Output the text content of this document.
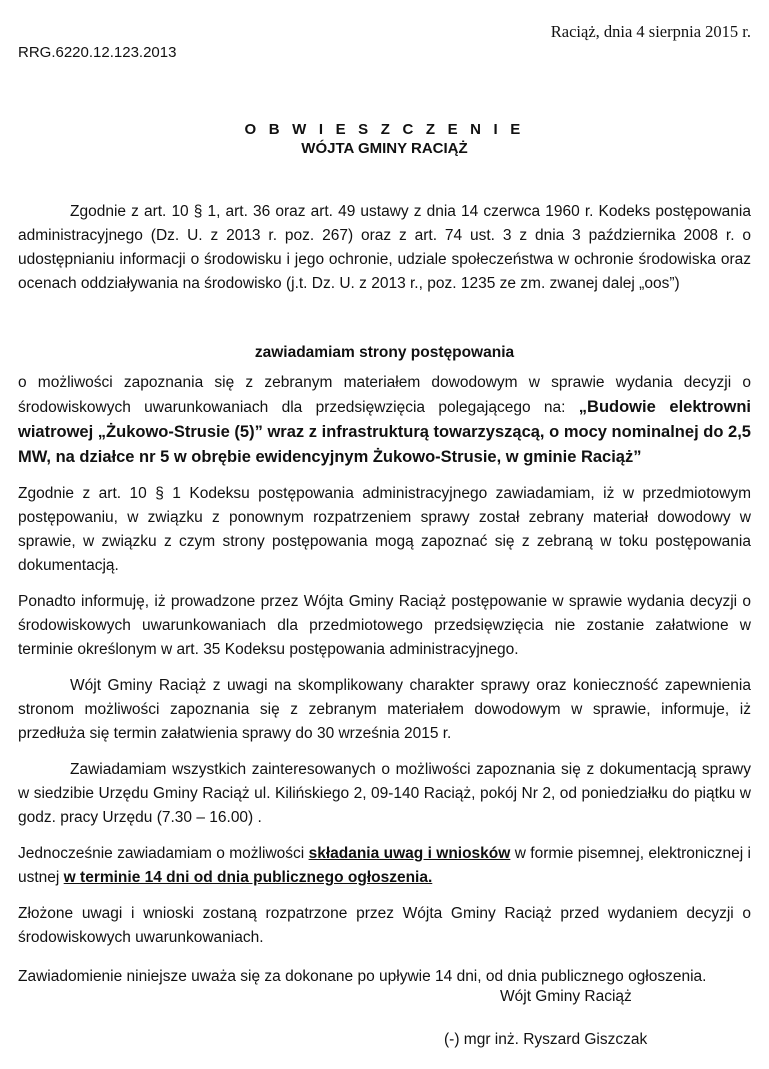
Raciąż, dnia 4 sierpnia 2015 r.
RRG.6220.12.123.2013
O B W I E S Z C Z E N I E
WÓJTA GMINY RACIĄŻ

Zgodnie z art. 10 § 1, art. 36 oraz art. 49 ustawy z dnia 14 czerwca 1960 r. Kodeks postępowania administracyjnego (Dz. U. z 2013 r. poz. 267) oraz z art. 74 ust. 3 z dnia 3 października 2008 r. o udostępnianiu informacji o środowisku i jego ochronie, udziale społeczeństwa w ochronie środowiska oraz ocenach oddziaływania na środowisko (j.t. Dz. U. z 2013 r., poz. 1235 ze zm. zwanej dalej „oos”)

zawiadamiam strony postępowania

o możliwości zapoznania się z zebranym materiałem dowodowym w sprawie wydania decyzji o środowiskowych uwarunkowaniach dla przedsięwzięcia polegającego na: „Budowie elektrowni wiatrowej „Żukowo-Strusie (5)” wraz z infrastrukturą towarzyszącą, o mocy nominalnej do 2,5 MW, na działce nr 5 w obrębie ewidencyjnym Żukowo-Strusie, w gminie Raciąż”

Zgodnie z art. 10 § 1 Kodeksu postępowania administracyjnego zawiadamiam, iż w przedmiotowym postępowaniu, w związku z ponownym rozpatrzeniem sprawy został zebrany materiał dowodowy w sprawie, w związku z czym strony postępowania mogą zapoznać się z zebraną w toku postępowania dokumentacją.

Ponadto informuję, iż prowadzone przez Wójta Gminy Raciąż postępowanie w sprawie wydania decyzji o środowiskowych uwarunkowaniach dla przedmiotowego przedsięwzięcia nie zostanie załatwione w terminie określonym w art. 35 Kodeksu postępowania administracyjnego.

Wójt Gminy Raciąż z uwagi na skomplikowany charakter sprawy oraz konieczność zapewnienia stronom możliwości zapoznania się z zebranym materiałem dowodowym w sprawie, informuje, iż przedłuża się termin załatwienia sprawy do 30 września 2015 r.

Zawiadamiam wszystkich zainteresowanych o możliwości zapoznania się z dokumentacją sprawy w siedzibie Urzędu Gminy Raciąż ul. Kilińskiego 2, 09-140 Raciąż, pokój Nr 2, od poniedziałku do piątku w godz. pracy Urzędu (7.30 – 16.00) .

Jednocześnie zawiadamiam o możliwości składania uwag i wniosków w formie pisemnej, elektronicznej i ustnej w terminie 14 dni od dnia publicznego ogłoszenia.

Złożone uwagi i wnioski zostaną rozpatrzone przez Wójta Gminy Raciąż przed wydaniem decyzji o środowiskowych uwarunkowaniach.

Zawiadomienie niniejsze uważa się za dokonane po upływie 14 dni, od dnia publicznego ogłoszenia.

Wójt Gminy Raciąż
(-) mgr inż. Ryszard Giszczak
